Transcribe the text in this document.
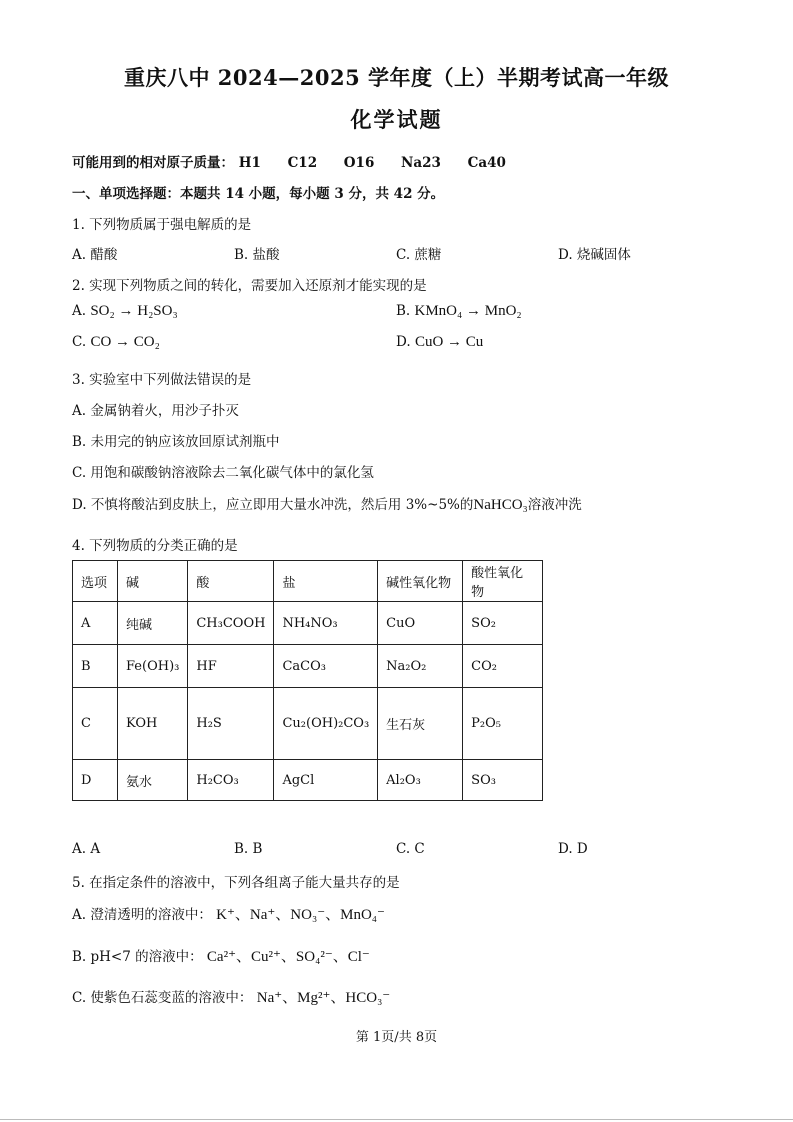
重庆八中 2024—2025 学年度（上）半期考试高一年级
化学试题
可能用到的相对原子质量： H1 C12 O16 Na23 Ca40
一、单项选择题：本题共 14 小题，每小题 3 分，共 42 分。
1. 下列物质属于强电解质的是
A. 醋酸	B. 盐酸	C. 蔗糖	D. 烧碱固体
2. 实现下列物质之间的转化，需要加入还原剂才能实现的是
A. SO₂ → H₂SO₃	B. KMnO₄ → MnO₂
C. CO → CO₂	D. CuO → Cu
3. 实验室中下列做法错误的是
A. 金属钠着火，用沙子扑灭
B. 未用完的钠应该放回原试剂瓶中
C. 用饱和碳酸钠溶液除去二氧化碳气体中的氯化氢
D. 不慎将酸沾到皮肤上，应立即用大量水冲洗，然后用 3%~5%的NaHCO₃溶液冲洗
4. 下列物质的分类正确的是
选项	碱	酸	盐	碱性氧化物	酸性氧化物
A	纯碱	CH₃COOH	NH₄NO₃	CuO	SO₂
B	Fe(OH)₃	HF	CaCO₃	Na₂O₂	CO₂
C	KOH	H₂S	Cu₂(OH)₂CO₃	生石灰	P₂O₅
D	氨水	H₂CO₃	AgCl	Al₂O₃	SO₃
A. A	B. B	C. C	D. D
5. 在指定条件的溶液中，下列各组离子能大量共存的是
A. 澄清透明的溶液中： K⁺、Na⁺、NO₃⁻、MnO₄⁻
B. pH<7 的溶液中： Ca²⁺、Cu²⁺、SO₄²⁻、Cl⁻
C. 使紫色石蕊变蓝的溶液中： Na⁺、Mg²⁺、HCO₃⁻
第 1页/共 8页
